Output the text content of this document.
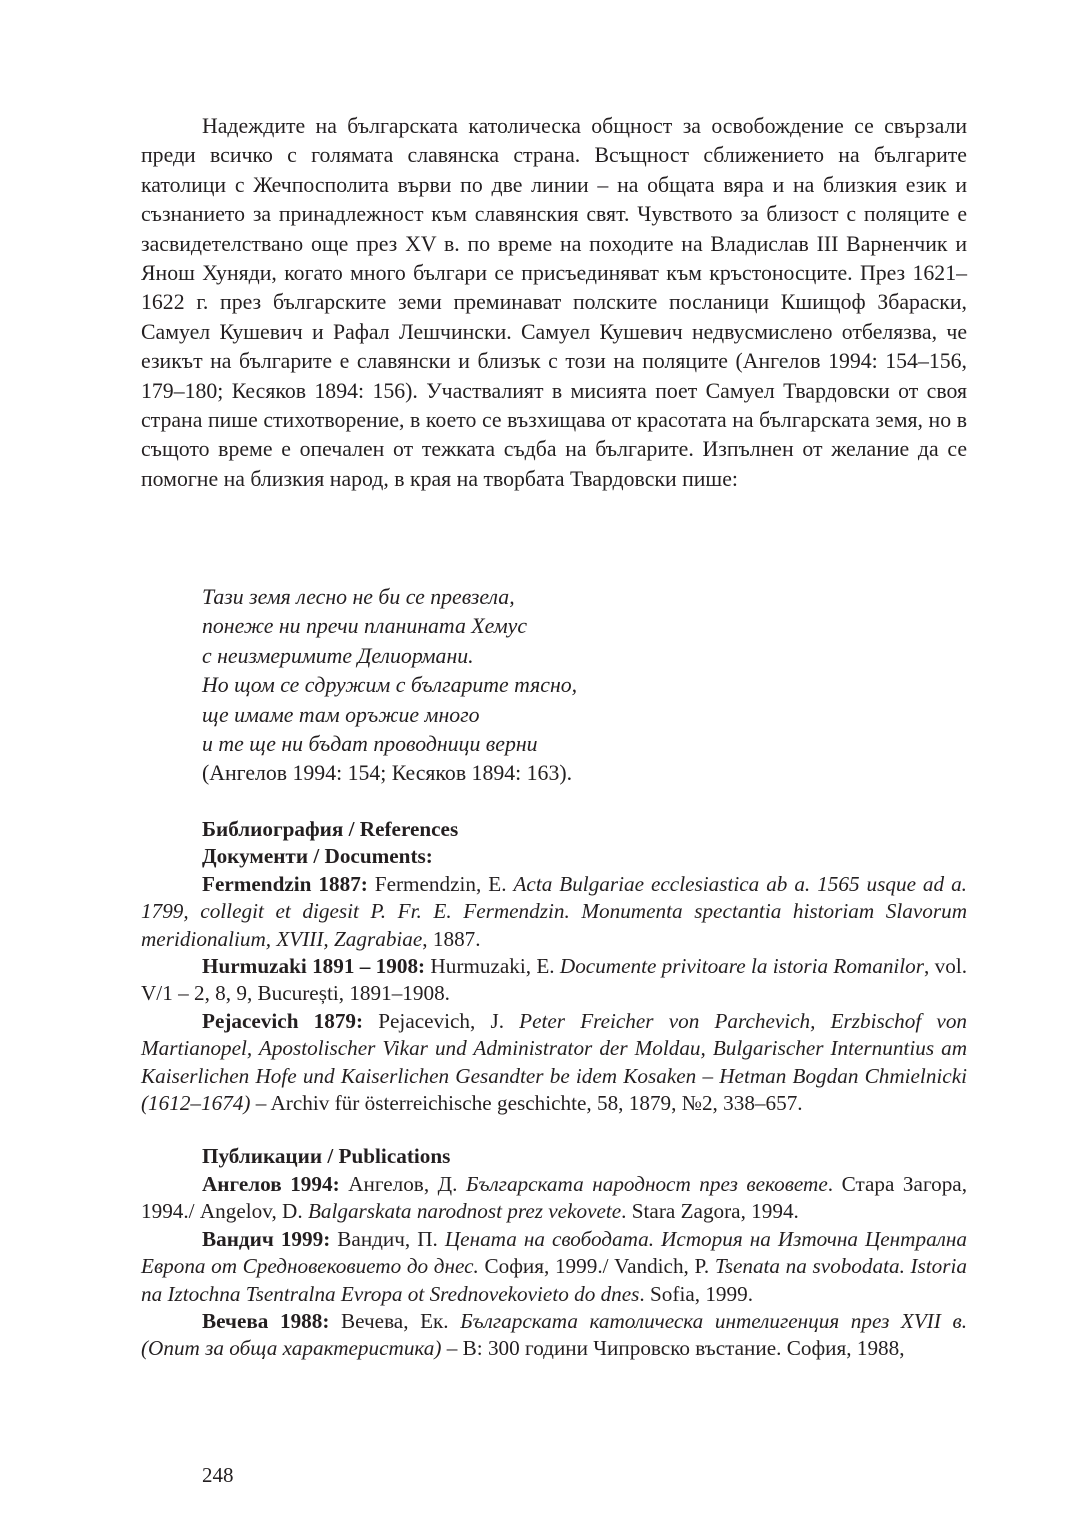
Надеждите на българската католическа общност за освобождение се свързали преди всичко с голямата славянска страна. Всъщност сближението на българите католици с Жечпосполита върви по две линии – на общата вяра и на близкия език и съзнанието за принадлежност към славянския свят. Чувството за близост с поляците е засвидетелствано още през XV в. по време на походите на Владислав III Варненчик и Янош Хуняди, когато много българи се присъединяват към кръстоносците. През 1621–1622 г. през българските земи преминават полските посланици Кшищоф Збараски, Самуел Кушевич и Рафал Лешчински. Самуел Кушевич недвусмислено отбелязва, че езикът на българите е славянски и близък с този на поляците (Ангелов 1994: 154–156, 179–180; Кесяков 1894: 156). Участвалият в мисията поет Самуел Твардовски от своя страна пише стихотворение, в което се възхищава от красотата на българската земя, но в същото време е опечален от тежката съдба на българите. Изпълнен от желание да се помогне на близкия народ, в края на творбата Твардовски пише:

Тази земя лесно не би се превзела,
понеже ни пречи планината Хемус
с неизмеримите Делиормани.
Но щом се сдружим с българите тясно,
ще имаме там оръжие много
и те ще ни бъдат проводници верни
(Ангелов 1994: 154; Кесяков 1894: 163).

Библиография / References

Документи / Documents:

Fermendzin 1887: Fermendzin, E. Acta Bulgariae ecclesiastica ab a. 1565 usque ad a. 1799, collegit et digesit P. Fr. E. Fermendzin. Monumenta spectantia historiam Slavorum meridionalium, XVIII, Zagrabiae, 1887.

Hurmuzaki 1891 – 1908: Hurmuzaki, E. Documente privitoare la istoria Romanilor, vol. V/1 – 2, 8, 9, București, 1891–1908.

Pejacevich 1879: Pejacevich, J. Peter Freicher von Parchevich, Erzbischof von Martianopel, Apostolischer Vikar und Administrator der Moldau, Bulgarischer Internuntius am Kaiserlichen Hofe und Kaiserlichen Gesandter be idem Kosaken – Hetman Bogdan Chmielnicki (1612–1674) – Archiv für österreichische geschichte, 58, 1879, №2, 338–657.

Публикации / Publications

Ангелов 1994: Ангелов, Д. Българската народност през вековете. Стара Загора, 1994./ Angelov, D. Balgarskata narodnost prez vekovete. Stara Zagora, 1994.

Вандич 1999: Вандич, П. Цената на свободата. История на Източна Централна Европа от Средновековието до днес. София, 1999./ Vandich, P. Tsenata na svobodata. Istoria na Iztochna Tsentralna Evropa ot Srednovekovieto do dnes. Sofia, 1999.

Вечева 1988: Вечева, Ек. Българската католическа интелигенция през XVII в. (Опит за обща характеристика) – В: 300 години Чипровско въстание. София, 1988,

248
